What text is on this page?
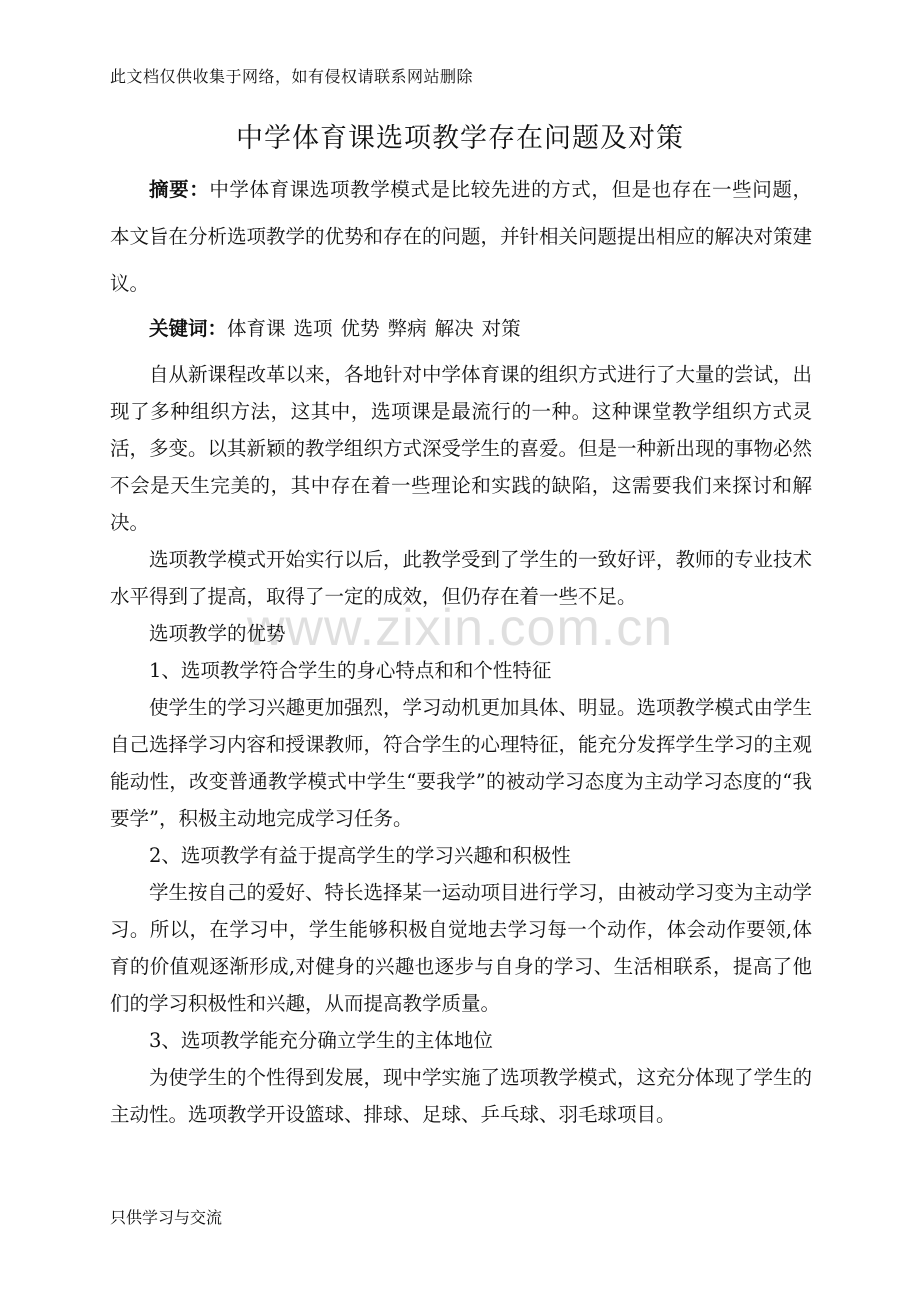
此文档仅供收集于网络，如有侵权请联系网站删除
中学体育课选项教学存在问题及对策
摘要：中学体育课选项教学模式是比较先进的方式，但是也存在一些问题，本文旨在分析选项教学的优势和存在的问题，并针相关问题提出相应的解决对策建议。
关键词：体育课 选项 优势 弊病 解决 对策

自从新课程改革以来，各地针对中学体育课的组织方式进行了大量的尝试，出现了多种组织方法，这其中，选项课是最流行的一种。这种课堂教学组织方式灵活，多变。以其新颖的教学组织方式深受学生的喜爱。但是一种新出现的事物必然不会是天生完美的，其中存在着一些理论和实践的缺陷，这需要我们来探讨和解决。

选项教学模式开始实行以后，此教学受到了学生的一致好评，教师的专业技术水平得到了提高，取得了一定的成效，但仍存在着一些不足。

选项教学的优势

1、选项教学符合学生的身心特点和和个性特征

使学生的学习兴趣更加强烈，学习动机更加具体、明显。选项教学模式由学生自己选择学习内容和授课教师，符合学生的心理特征，能充分发挥学生学习的主观能动性，改变普通教学模式中学生“要我学”的被动学习态度为主动学习态度的“我要学”，积极主动地完成学习任务。

2、选项教学有益于提高学生的学习兴趣和积极性

学生按自己的爱好、特长选择某一运动项目进行学习，由被动学习变为主动学习。所以，在学习中，学生能够积极自觉地去学习每一个动作，体会动作要领,体育的价值观逐渐形成,对健身的兴趣也逐步与自身的学习、生活相联系，提高了他们的学习积极性和兴趣，从而提高教学质量。

3、选项教学能充分确立学生的主体地位

为使学生的个性得到发展，现中学实施了选项教学模式，这充分体现了学生的主动性。选项教学开设篮球、排球、足球、乒乓球、羽毛球项目。

www.zixin.com.cn
只供学习与交流
